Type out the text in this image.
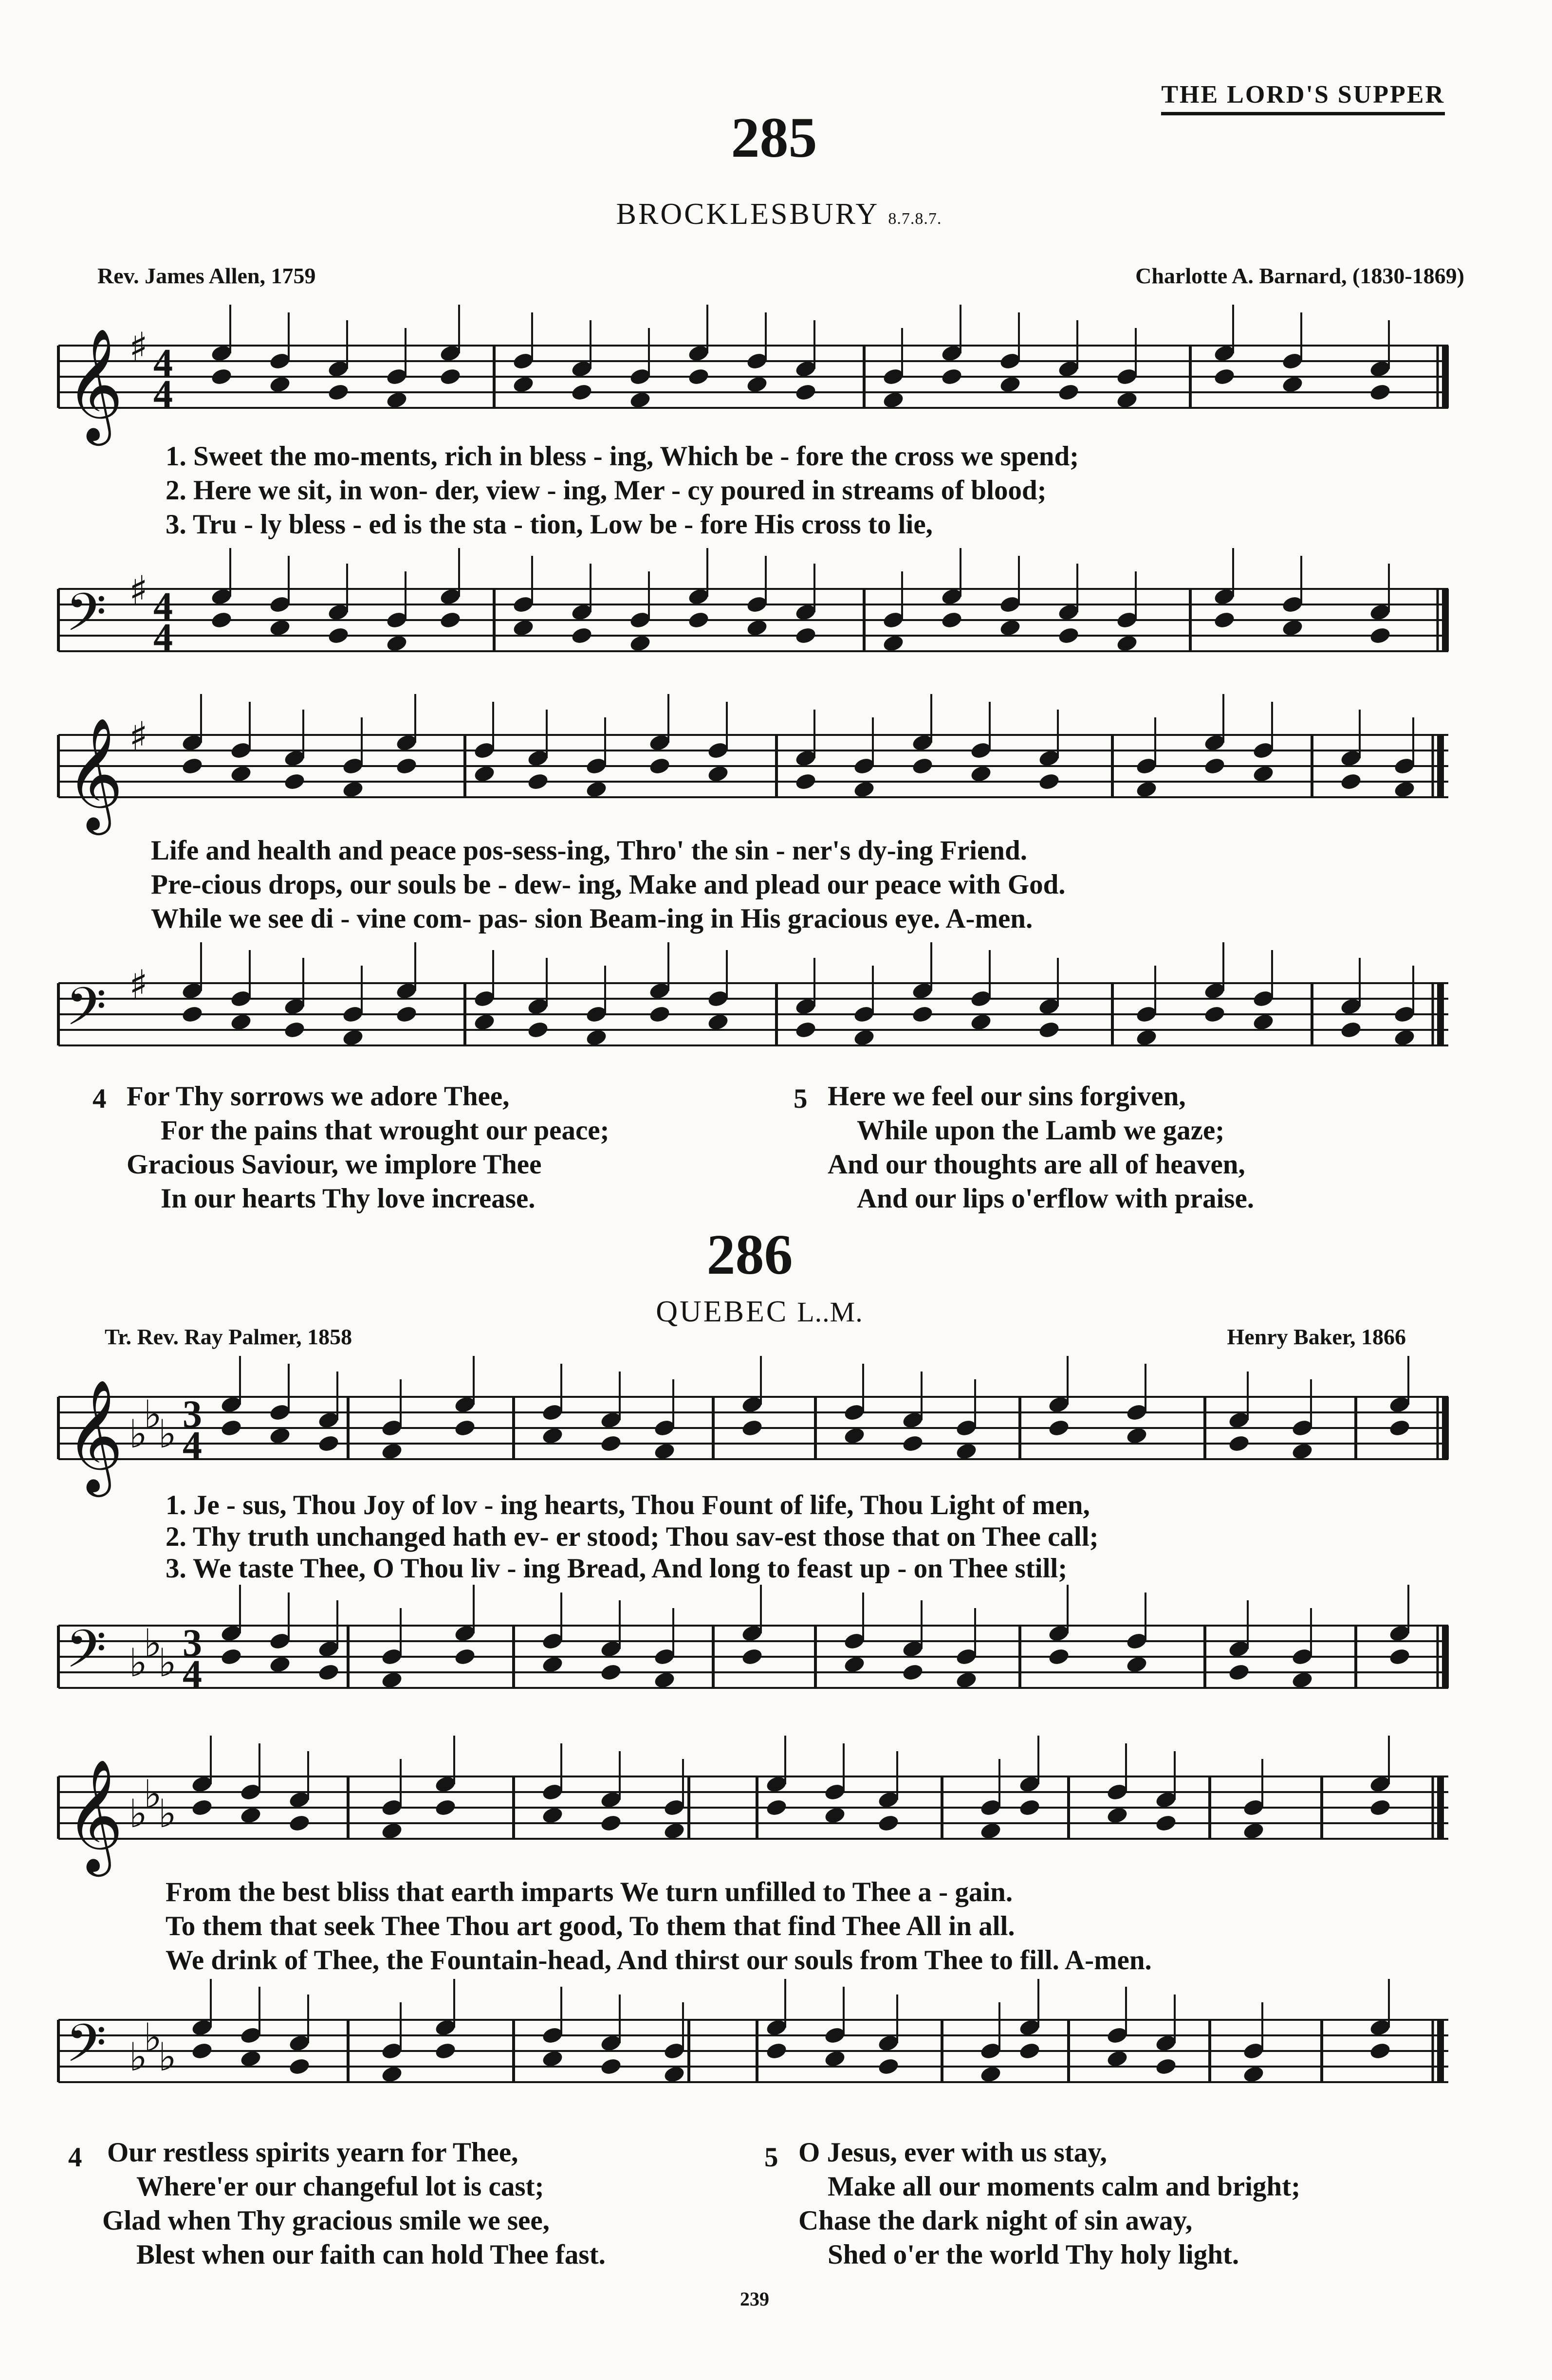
THE LORD'S SUPPER
285
BROCKLESBURY 8.7.8.7.
Rev. James Allen, 1759	Charlotte A. Barnard, (1830-1869)
𝄞 ♯ 4
4
1. Sweet the mo-ments, rich in bless - ing, Which be - fore the cross we spend;
2. Here we sit, in won- der, view - ing, Mer - cy poured in streams of blood;
3. Tru - ly bless - ed is the sta - tion, Low be - fore His cross to lie,
𝄢 ♯ 4
4
𝄞 ♯
Life and health and peace pos-sess-ing, Thro' the sin - ner's dy-ing Friend.
Pre-cious drops, our souls be - dew- ing, Make and plead our peace with God.
While we see di - vine com- pas- sion Beam-ing in His gracious eye. A-men.
𝄢 ♯
4 For Thy sorrows we adore Thee,
For the pains that wrought our peace;
Gracious Saviour, we implore Thee
In our hearts Thy love increase.
5 Here we feel our sins forgiven,
While upon the Lamb we gaze;
And our thoughts are all of heaven,
And our lips o'erflow with praise.
286
QUEBEC L..M.
Tr. Rev. Ray Palmer, 1858	Henry Baker, 1866
𝄞 ♭
♭
♭ 3
4
1. Je - sus, Thou Joy of lov - ing hearts, Thou Fount of life, Thou Light of men,
2. Thy truth unchanged hath ev- er stood; Thou sav-est those that on Thee call;
3. We taste Thee, O Thou liv - ing Bread, And long to feast up - on Thee still;
𝄢 ♭
♭
♭ 3
4
𝄞 ♭
♭
♭
From the best bliss that earth imparts We turn unfilled to Thee a - gain.
To them that seek Thee Thou art good, To them that find Thee All in all.
We drink of Thee, the Fountain-head, And thirst our souls from Thee to fill. A-men.
𝄢 ♭
♭
♭
4 Our restless spirits yearn for Thee,
Where'er our changeful lot is cast;
Glad when Thy gracious smile we see,
Blest when our faith can hold Thee fast.
5 O Jesus, ever with us stay,
Make all our moments calm and bright;
Chase the dark night of sin away,
Shed o'er the world Thy holy light.
239
